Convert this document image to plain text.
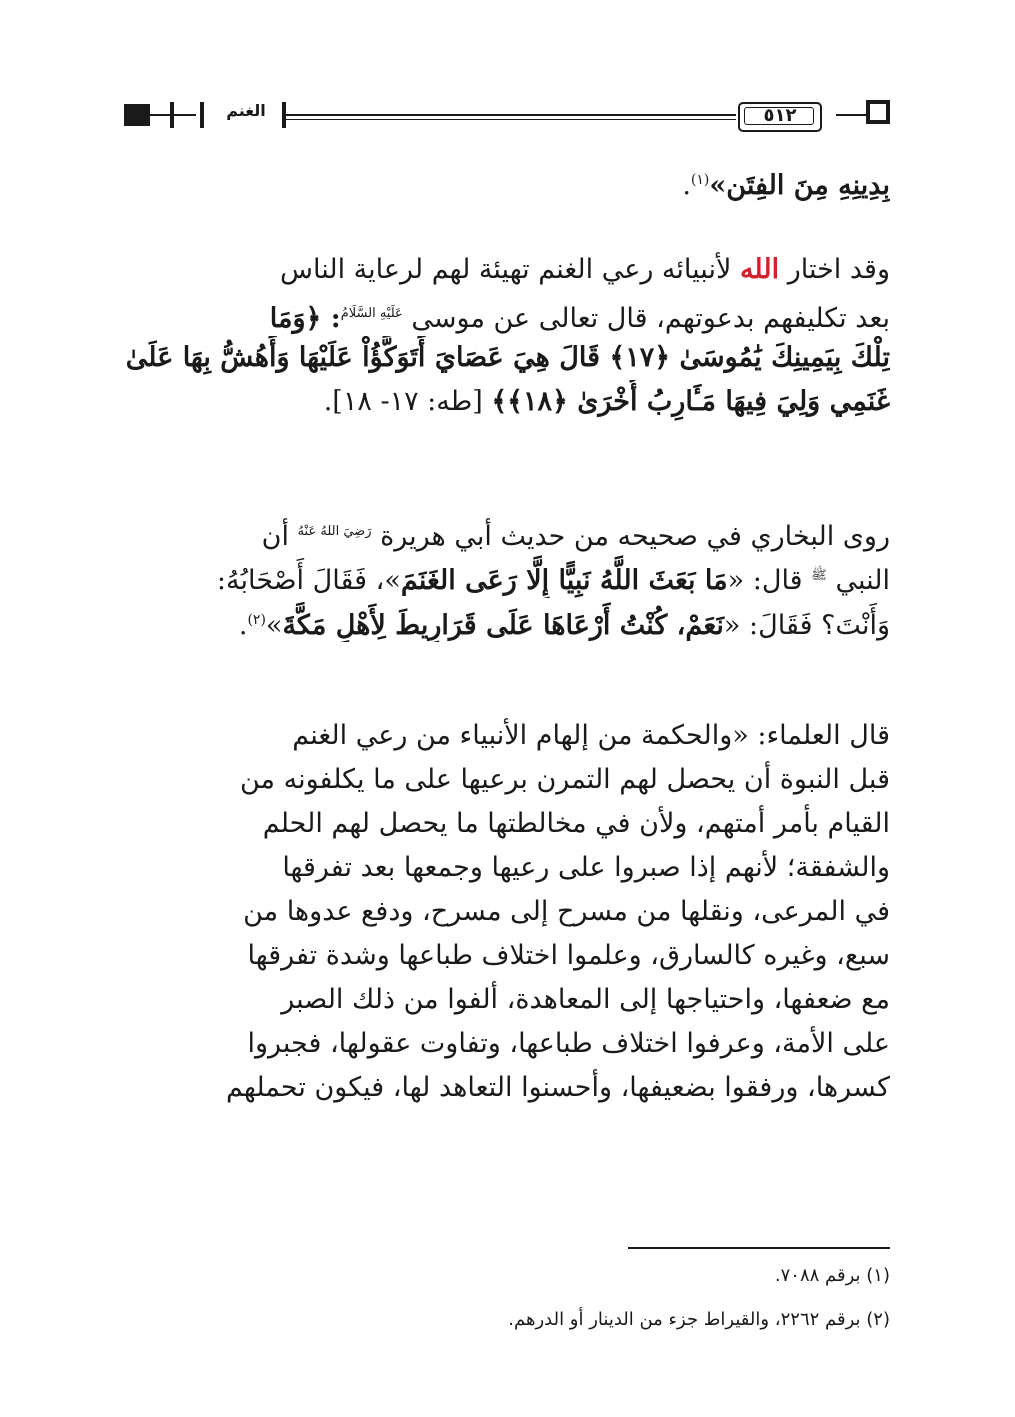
الغنم	٥١٢
بِدِينِهِ مِنَ الفِتَنِ»$^{(١)}$.
وقد اختار الله لأنبيائه رعي الغنم تهيئة لهم لرعاية الناس
بعد تكليفهم بدعوتهم، قال تعالى عن موسى $^{عَلَيْهِ السَّلَامُ}$: ﴿وَمَا
تِلْكَ بِيَمِينِكَ يَٰمُوسَىٰ ﴿١٧﴾ قَالَ هِيَ عَصَايَ أَتَوَكَّؤُاْ عَلَيْهَا وَأَهُشُّ بِهَا عَلَىٰ
غَنَمِي وَلِيَ فِيهَا مَـَٔارِبُ أُخْرَىٰ ﴿١٨﴾﴾ [طه: ١٧- ١٨].
روى البخاري في صحيحه من حديث أبي هريرة $^{رَضِيَ اللهُ عَنْهُ}$ أن
النبي $^ﷺ$ قال: «مَا بَعَثَ اللَّهُ نَبِيًّا إِلَّا رَعَى الغَنَمَ»، فَقَالَ أَصْحَابُهُ:
وَأَنْتَ؟ فَقَالَ: «نَعَمْ، كُنْتُ أَرْعَاهَا عَلَى قَرَارِيطَ لِأَهْلِ مَكَّةَ»$^{(٢)}$.
قال العلماء: «والحكمة من إلهام الأنبياء من رعي الغنم
قبل النبوة أن يحصل لهم التمرن برعيها على ما يكلفونه من
القيام بأمر أمتهم، ولأن في مخالطتها ما يحصل لهم الحلم
والشفقة؛ لأنهم إذا صبروا على رعيها وجمعها بعد تفرقها
في المرعى، ونقلها من مسرح إلى مسرح، ودفع عدوها من
سبع، وغيره كالسارق، وعلموا اختلاف طباعها وشدة تفرقها
مع ضعفها، واحتياجها إلى المعاهدة، ألفوا من ذلك الصبر
على الأمة، وعرفوا اختلاف طباعها، وتفاوت عقولها، فجبروا
كسرها، ورفقوا بضعيفها، وأحسنوا التعاهد لها، فيكون تحملهم
(١) برقم ٧٠٨٨.
(٢) برقم ٢٢٦٢، والقيراط جزء من الدينار أو الدرهم.
